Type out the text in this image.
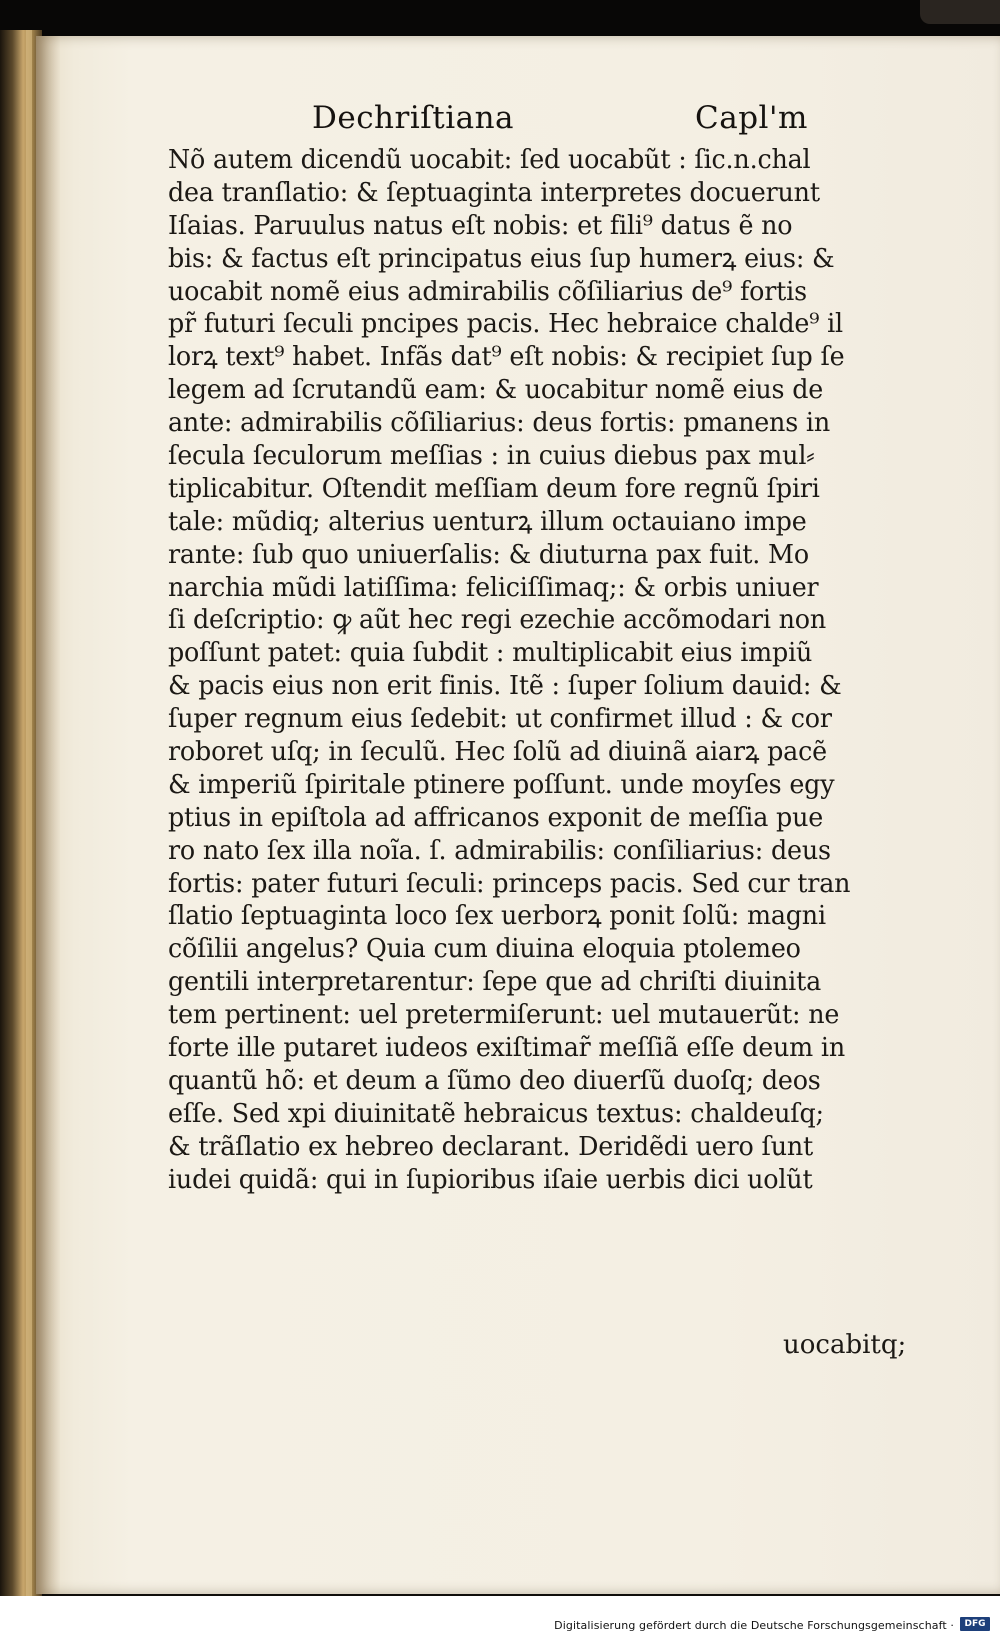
Dechriſtiana	Capl'm
Nõ autem dicendũ uocabit: ſed uocabũt : ſic.n.chal
dea tranſlatio: & ſeptuaginta interpretes docuerunt
Iſaias. Paruulus natus eſt nobis: et fili⁹ datus ẽ no
bis: & factus eſt principatus eius ſup humerꝝ eius: &
uocabit nomẽ eius admirabilis cõſiliarius de⁹ fortis
pr̃ futuri ſeculi pncipes pacis. Hec hebraice chalde⁹ il
lorꝝ text⁹ habet. Infãs dat⁹ eſt nobis: & recipiet ſup ſe
legem ad ſcrutandũ eam: & uocabitur nomẽ eius de
ante: admirabilis cõſiliarius: deus fortis: pmanens in
ſecula ſeculorum meſſias : in cuius diebus pax mul⸗
tiplicabitur. Oſtendit meſſiam deum fore regnũ ſpiri
tale: mũdiq; alterius uenturꝝ illum octauiano impe
rante: ſub quo uniuerſalis: & diuturna pax fuit. Mo
narchia mũdi latiſſima: feliciſſimaq;: & orbis uniuer
ſi deſcriptio: ꝙ aũt hec regi ezechie accõmodari non
poſſunt patet: quia ſubdit : multiplicabit eius impiũ
& pacis eius non erit finis. Itẽ : ſuper ſolium dauid: &
ſuper regnum eius ſedebit: ut confirmet illud : & cor
roboret uſq; in ſeculũ. Hec ſolũ ad diuinã aiarꝝ pacẽ
& imperiũ ſpiritale ptinere poſſunt. unde moyſes egy
ptius in epiſtola ad affricanos exponit de meſſia pue
ro nato ſex illa noĩa. ſ. admirabilis: conſiliarius: deus
fortis: pater futuri ſeculi: princeps pacis. Sed cur tran
ſlatio ſeptuaginta loco ſex uerborꝝ ponit ſolũ: magni
cõſilii angelus? Quia cum diuina eloquia ptolemeo
gentili interpretarentur: ſepe que ad chriſti diuinita
tem pertinent: uel pretermiſerunt: uel mutauerũt: ne
forte ille putaret iudeos exiſtimar̃ meſſiã eſſe deum in
quantũ hõ: et deum a ſũmo deo diuerſũ duoſq; deos
eſſe. Sed xpi diuinitatẽ hebraicus textus: chaldeuſq;
& trãſlatio ex hebreo declarant. Deridẽdi uero ſunt
iudei quidã: qui in ſupioribus iſaie uerbis dici uolũt
uocabitq;
Digitalisierung gefördert durch die Deutsche Forschungsgemeinschaft ·	DFG
